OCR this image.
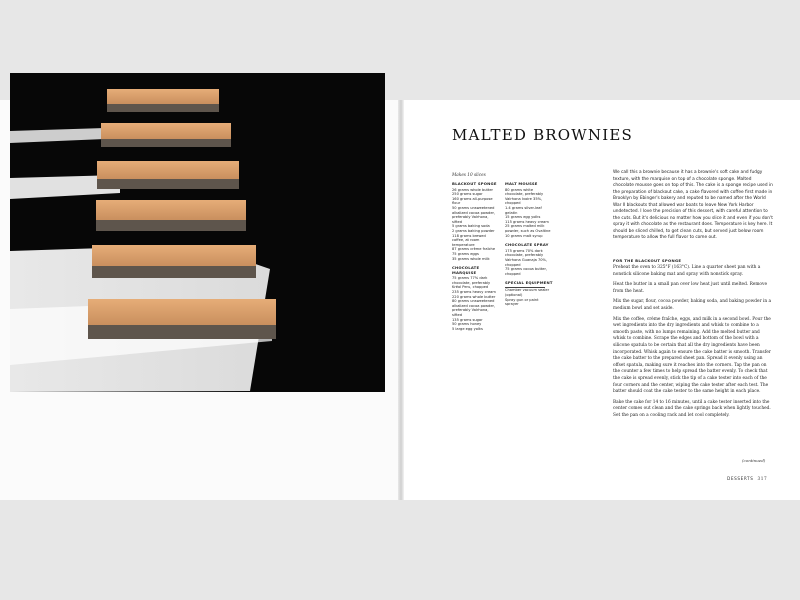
MALTED BROWNIES
Makes 10 slices
BLACKOUT SPONGE
26 grams whole butter
250 grams sugar
160 grams all-purpose
flour
50 grams unsweetened
alkalized cocoa powder,
preferably Valrhona,
sifted
5 grams baking soda
2 grams baking powder
118 grams brewed
coffee, at room
temperature
87 grams crème fraîche
75 grams eggs
35 grams whole milk
CHOCOLATE MARQUISE
75 grams 77% dark
chocolate, preferably
Kréol Peru, chopped
235 grams heavy cream
220 grams whole butter
80 grams unsweetened
alkalized cocoa powder,
preferably Valrhona,
sifted
135 grams sugar
50 grams honey
5 large egg yolks
MALT MOUSSE
80 grams white
chocolate, preferably
Valrhona Ivoire 35%,
chopped
1.4 grams silver-leaf
gelatin
15 grams egg yolks
115 grams heavy cream
25 grams malted milk
powder, such as Ovaltine
10 grams malt syrup
CHOCOLATE SPRAY
175 grams 70% dark
chocolate, preferably
Valrhona Guanaja 70%,
chopped
75 grams cocoa butter,
chopped
SPECIAL EQUIPMENT
Chamber vacuum sealer
(optional)
Spray gun or paint
sprayer

We call this a brownie because it has a brownie's soft cake and fudgy texture, with the marquise on top of a chocolate sponge. Malted chocolate mousse goes on top of this. The cake is a sponge recipe used in the preparation of blackout cake, a cake flavored with coffee first made in Brooklyn by Ebinger's bakery and reputed to be named after the World War II blackouts that allowed war boats to leave New York Harbor undetected. I love the precision of this dessert, with careful attention to the cuts. But it's delicious no matter how you slice it and even if you don't spray it with chocolate as the restaurant does. Temperature is key here. It should be sliced chilled, to get clean cuts, but served just below room temperature to allow the full flavor to come out.

FOR THE BLACKOUT SPONGE

Preheat the oven to 325°F (163°C). Line a quarter sheet pan with a nonstick silicone baking mat and spray with nonstick spray.

Heat the butter in a small pan over low heat just until melted. Remove from the heat.

Mix the sugar, flour, cocoa powder, baking soda, and baking powder in a medium bowl and set aside.

Mix the coffee, crème fraîche, eggs, and milk in a second bowl. Pour the wet ingredients into the dry ingredients and whisk to combine to a smooth paste, with no lumps remaining. Add the melted butter and whisk to combine. Scrape the edges and bottom of the bowl with a silicone spatula to be certain that all the dry ingredients have been incorporated. Whisk again to ensure the cake batter is smooth. Transfer the cake batter to the prepared sheet pan. Spread it evenly using an offset spatula, making sure it reaches into the corners. Tap the pan on the counter a few times to help spread the batter evenly. To check that the cake is spread evenly, stick the tip of a cake tester into each of the four corners and the center, wiping the cake tester after each test. The batter should coat the cake tester to the same height in each place.

Bake the cake for 14 to 16 minutes, until a cake tester inserted into the center comes out clean and the cake springs back when lightly touched. Set the pan on a cooling rack and let cool completely.

(continued)
DESSERTS 317
